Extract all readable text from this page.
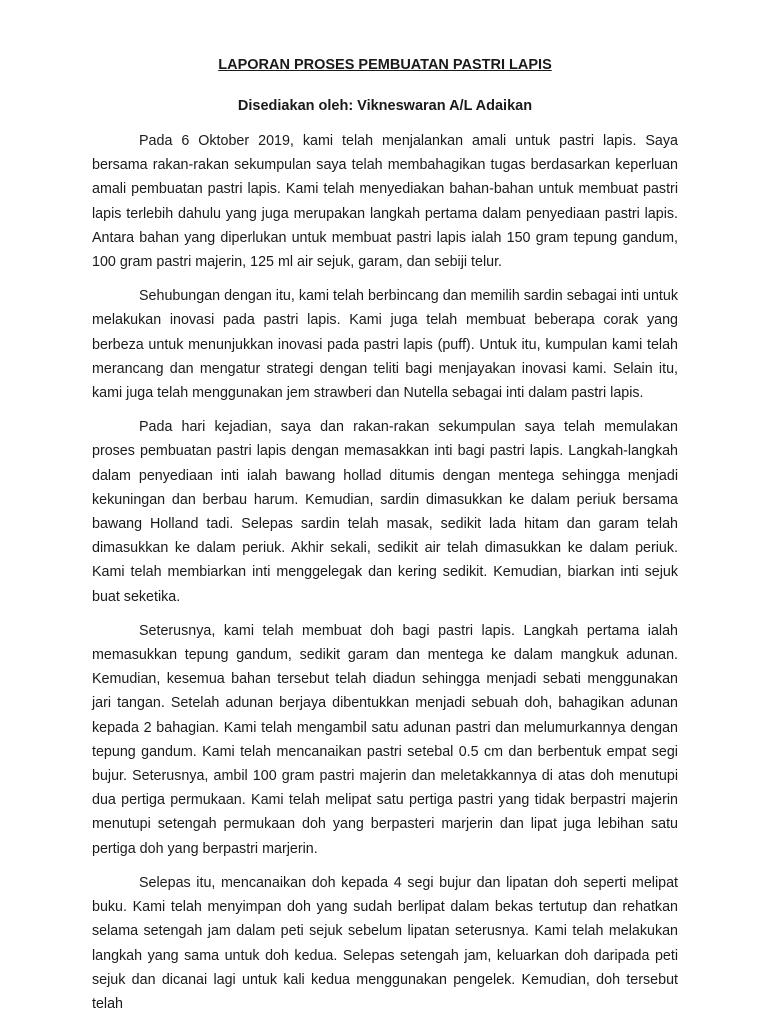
LAPORAN PROSES PEMBUATAN PASTRI LAPIS
Disediakan oleh: Vikneswaran A/L Adaikan

Pada 6 Oktober 2019, kami telah menjalankan amali untuk pastri lapis. Saya bersama rakan-rakan sekumpulan saya telah membahagikan tugas berdasarkan keperluan amali pembuatan pastri lapis. Kami telah menyediakan bahan-bahan untuk membuat pastri lapis terlebih dahulu yang juga merupakan langkah pertama dalam penyediaan pastri lapis. Antara bahan yang diperlukan untuk membuat pastri lapis ialah 150 gram tepung gandum, 100 gram pastri majerin, 125 ml air sejuk, garam, dan sebiji telur.

Sehubungan dengan itu, kami telah berbincang dan memilih sardin sebagai inti untuk melakukan inovasi pada pastri lapis. Kami juga telah membuat beberapa corak yang berbeza untuk menunjukkan inovasi pada pastri lapis (puff). Untuk itu, kumpulan kami telah merancang dan mengatur strategi dengan teliti bagi menjayakan inovasi kami. Selain itu, kami juga telah menggunakan jem strawberi dan Nutella sebagai inti dalam pastri lapis.

Pada hari kejadian, saya dan rakan-rakan sekumpulan saya telah memulakan proses pembuatan pastri lapis dengan memasakkan inti bagi pastri lapis. Langkah-langkah dalam penyediaan inti ialah bawang hollad ditumis dengan mentega sehingga menjadi kekuningan dan berbau harum. Kemudian, sardin dimasukkan ke dalam periuk bersama bawang Holland tadi. Selepas sardin telah masak, sedikit lada hitam dan garam telah dimasukkan ke dalam periuk. Akhir sekali, sedikit air telah dimasukkan ke dalam periuk. Kami telah membiarkan inti menggelegak dan kering sedikit. Kemudian, biarkan inti sejuk buat seketika.

Seterusnya, kami telah membuat doh bagi pastri lapis. Langkah pertama ialah memasukkan tepung gandum, sedikit garam dan mentega ke dalam mangkuk adunan. Kemudian, kesemua bahan tersebut telah diadun sehingga menjadi sebati menggunakan jari tangan. Setelah adunan berjaya dibentukkan menjadi sebuah doh, bahagikan adunan kepada 2 bahagian. Kami telah mengambil satu adunan pastri dan melumurkannya dengan tepung gandum. Kami telah mencanaikan pastri setebal 0.5 cm dan berbentuk empat segi bujur. Seterusnya, ambil 100 gram pastri majerin dan meletakkannya di atas doh menutupi dua pertiga permukaan. Kami telah melipat satu pertiga pastri yang tidak berpastri majerin menutupi setengah permukaan doh yang berpasteri marjerin dan lipat juga lebihan satu pertiga doh yang berpastri marjerin.

Selepas itu, mencanaikan doh kepada 4 segi bujur dan lipatan doh seperti melipat buku. Kami telah menyimpan doh yang sudah berlipat dalam bekas tertutup dan rehatkan selama setengah jam dalam peti sejuk sebelum lipatan seterusnya. Kami telah melakukan langkah yang sama untuk doh kedua. Selepas setengah jam, keluarkan doh daripada peti sejuk dan dicanai lagi untuk kali kedua menggunakan pengelek. Kemudian, doh tersebut telah
